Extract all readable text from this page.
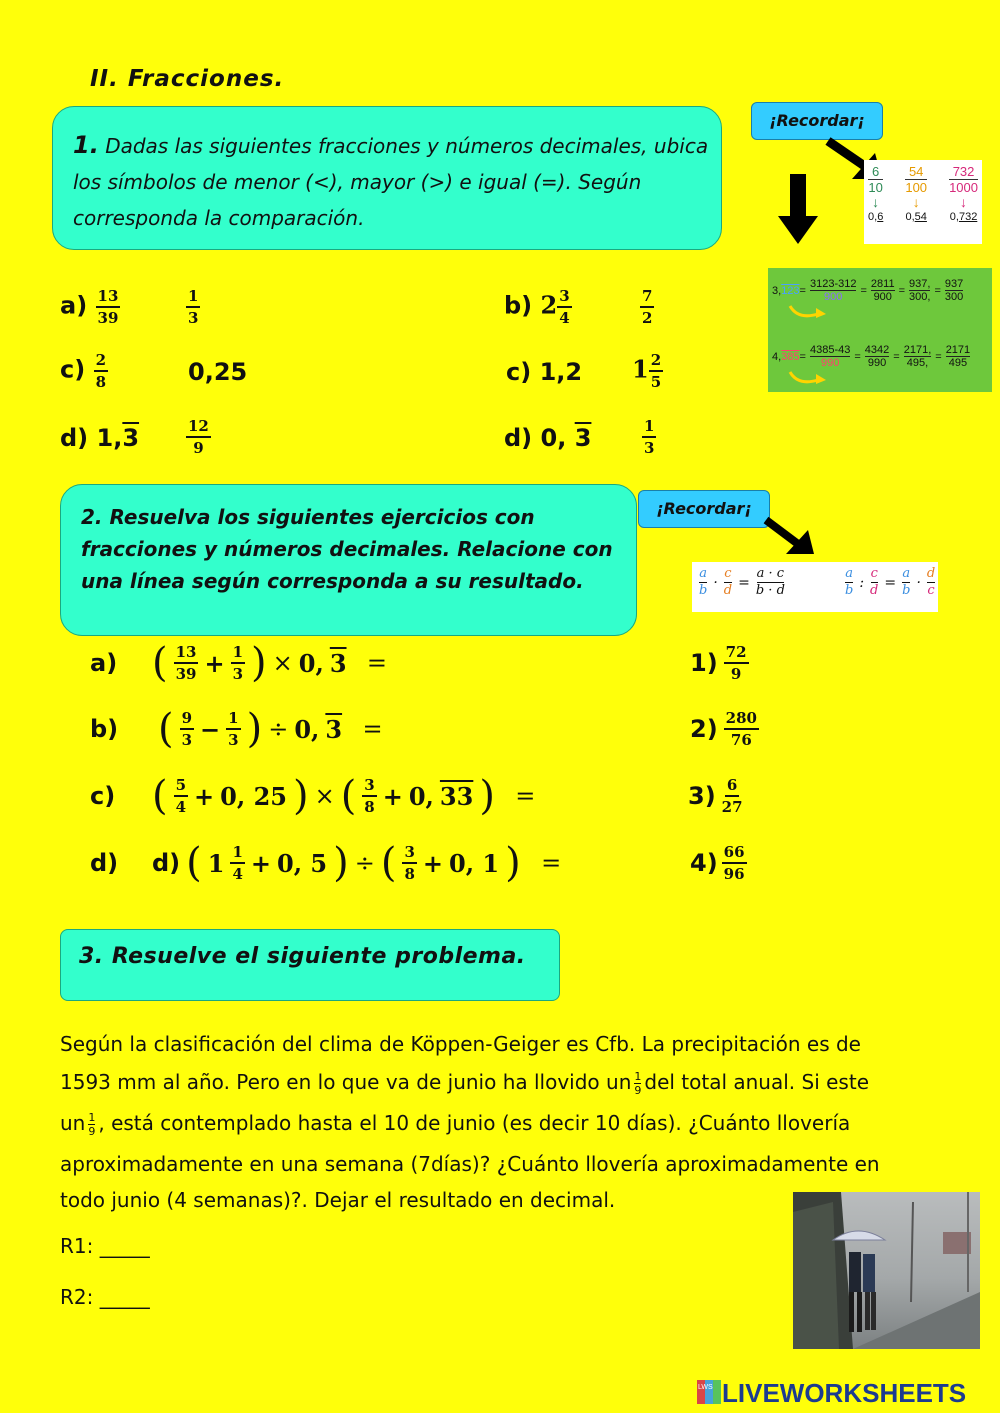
II. Fracciones.
1. Dadas las siguientes fracciones y números decimales, ubica los símbolos de menor (<), mayor (>) e igual (=). Según corresponda la comparación.
¡Recordar¡
6
10
↓
0,6
54
100
↓
0,54
732
1000
↓
0,732
$3,123= \frac{3123-312}{900} = \frac{2811}{900} = \frac{937,}{300,} = \frac{937}{300}$
$4,385= \frac{4385-43}{990} = \frac{4342}{990} = \frac{2171,}{495,} = \frac{2171}{495}$
$a) \frac{13}{39}$	$\frac{1}{3}$	b) $2 \frac{3}{4}$	$\frac{7}{2}$
$c) \frac{2}{8}$	0,25	c) 1,2 $1 \frac{2}{5}$
d) 1,3	$\frac{12}{9}$	d) 0, 3	$\frac{1}{3}$
2. Resuelva los siguientes ejercicios con fracciones y números decimales. Relacione con una línea según corresponda a su resultado.
¡Recordar¡
a
$b \cdot \frac{c}{d} = \frac{a \cdot c}{b \cdot d}$	a
b : $\frac{c}{d} = \frac{a}{b}$ ·
d
c
a) ( $\frac{13}{39} + \frac{1}{3}$ ) × 0, 3
=
b) ( $\frac{9}{3} - \frac{1}{3}$ ) ÷ 0, 3
=
c) ( $\frac{5}{4} + 0$, 25 ) × ( $\frac{3}{8} + 0$, 33 )
=
d)	d) ( $1 \frac{1}{4} + 0$, 5 ) ÷ ( $\frac{3}{8} + 0$, 1 )
=
$1) \frac{72}{9}$
$2) \frac{280}{76}$
$3) \frac{6}{27}$
$4) \frac{66}{96}$
3. Resuelve el siguiente problema.
Según la clasificación del clima de Köppen-Geiger es Cfb. La precipitación es de
1593 mm al año. Pero en lo que va de junio ha llovido un $\frac{1}{9}$ del total anual. Si este
un $\frac{1}{9}$ , está contemplado hasta el 10 de junio (es decir 10 días). ¿Cuánto llovería
aproximadamente en una semana (7días)? ¿Cuánto llovería aproximadamente en
todo junio (4 semanas)?. Dejar el resultado en decimal.
R1: _____
R2: _____
LWS LIVEWORKSHEETS
